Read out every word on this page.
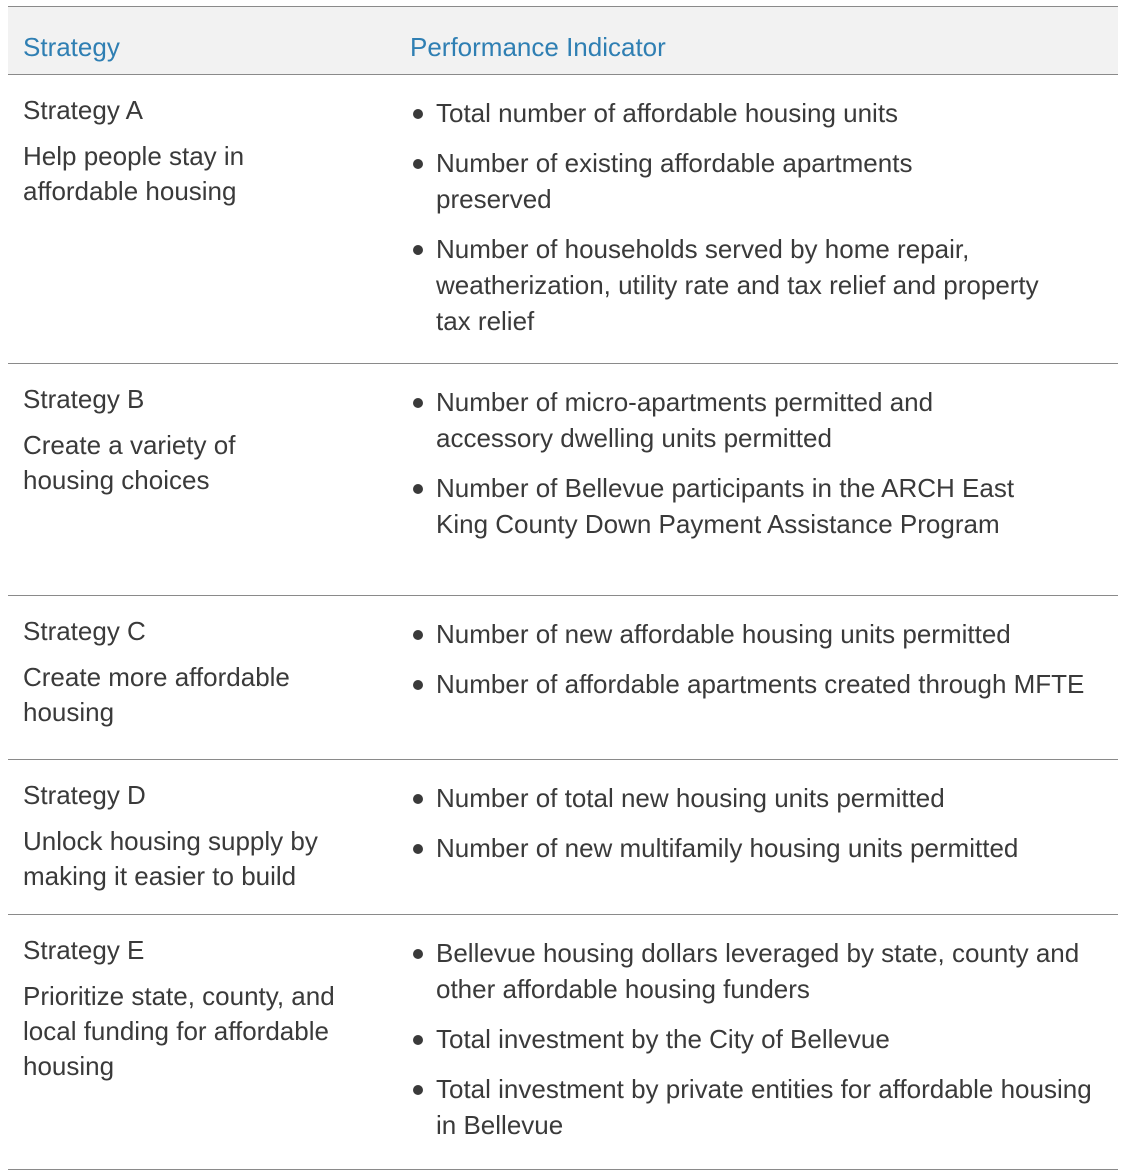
Strategy	Performance Indicator
Strategy A
Help people stay in affordable housing
Total number of affordable housing units
Number of existing affordable apartments preserved
Number of households served by home repair, weatherization, utility rate and tax relief and property tax relief
Strategy B
Create a variety of housing choices
Number of micro-apartments permitted and accessory dwelling units permitted
Number of Bellevue participants in the ARCH East King County Down Payment Assistance Program
Strategy C
Create more affordable housing
Number of new affordable housing units permitted
Number of affordable apartments created through MFTE
Strategy D
Unlock housing supply by making it easier to build
Number of total new housing units permitted
Number of new multifamily housing units permitted
Strategy E
Prioritize state, county, and local funding for affordable housing
Bellevue housing dollars leveraged by state, county and other affordable housing funders
Total investment by the City of Bellevue
Total investment by private entities for affordable housing in Bellevue
